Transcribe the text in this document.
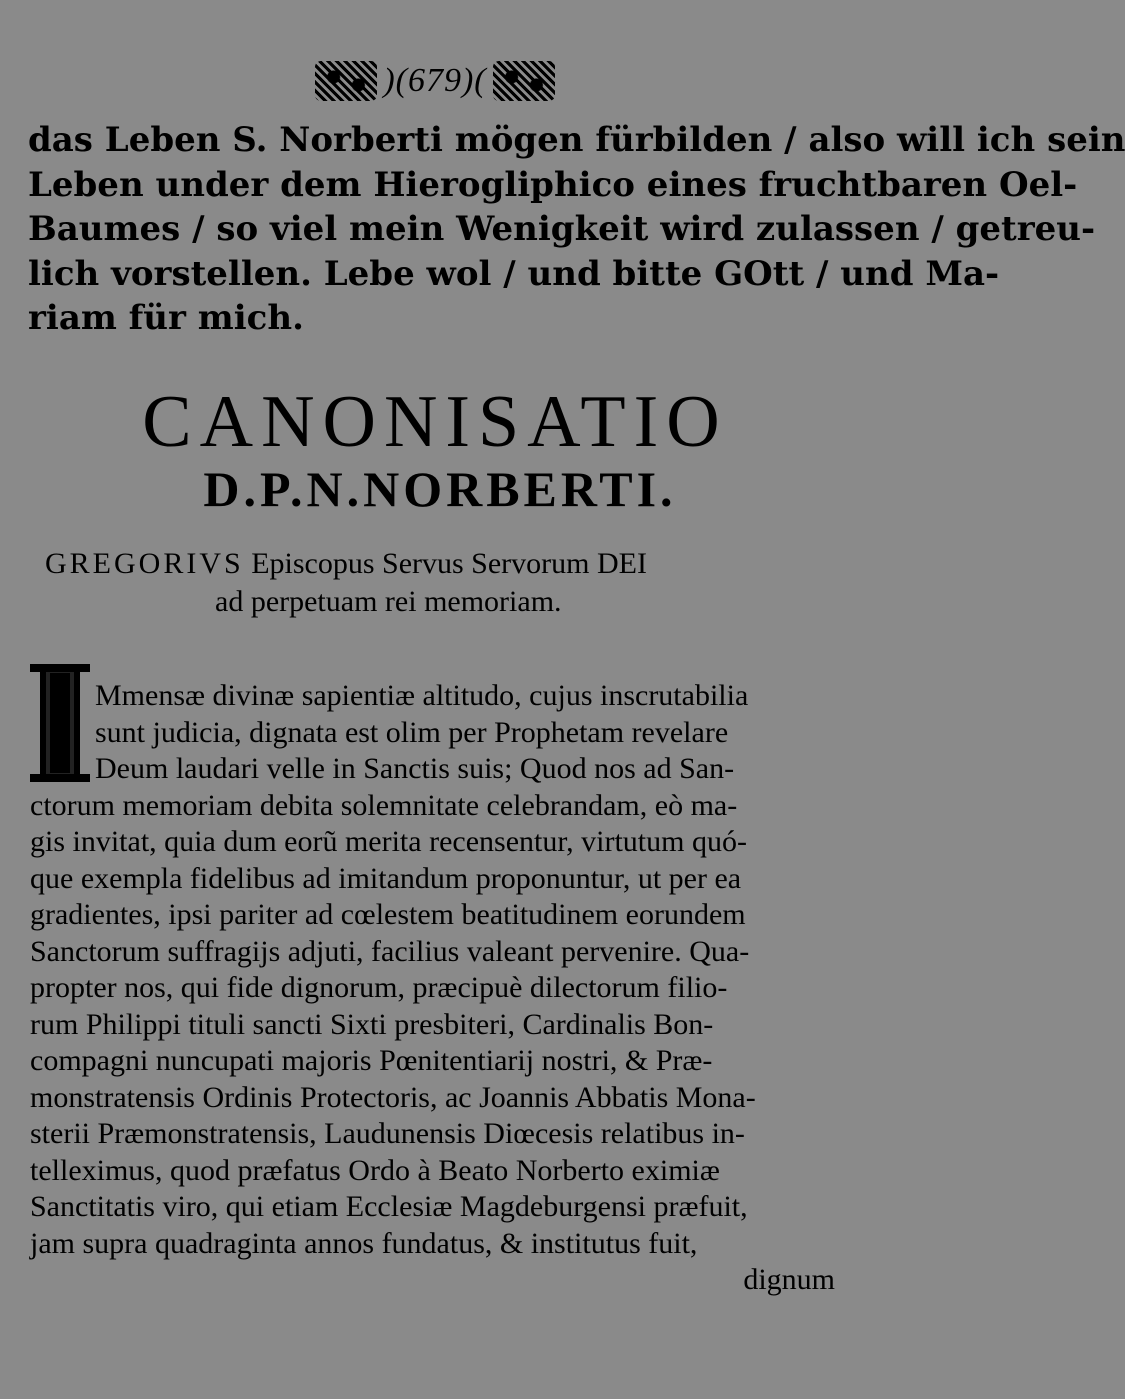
)(679)(
das Leben S. Norberti mögen fürbilden / also will ich sein
Leben under dem Hierogliphico eines fruchtbaren Oel-
Baumes / so viel mein Wenigkeit wird zulassen / getreu-
lich vorstellen. Lebe wol / und bitte GOtt / und Ma-
riam für mich.
CANONISATIO
D.P.N.NORBERTI.
GREGORIVS Episcopus Servus Servorum DEI
ad perpetuam rei memoriam.
Mmensæ divinæ sapientiæ altitudo, cujus inscrutabilia
sunt judicia, dignata est olim per Prophetam revelare
Deum laudari velle in Sanctis suis; Quod nos ad San-
ctorum memoriam debita solemnitate celebrandam, eò ma-
gis invitat, quia dum eorũ merita recensentur, virtutum quó-
que exempla fidelibus ad imitandum proponuntur, ut per ea
gradientes, ipsi pariter ad cœlestem beatitudinem eorundem
Sanctorum suffragijs adjuti, facilius valeant pervenire. Qua-
propter nos, qui fide dignorum, præcipuè dilectorum filio-
rum Philippi tituli sancti Sixti presbiteri, Cardinalis Bon-
compagni nuncupati majoris Pœnitentiarij nostri, & Præ-
monstratensis Ordinis Protectoris, ac Joannis Abbatis Mona-
sterii Præmonstratensis, Laudunensis Diœcesis relatibus in-
telleximus, quod præfatus Ordo à Beato Norberto eximiæ
Sanctitatis viro, qui etiam Ecclesiæ Magdeburgensi præfuit,
jam supra quadraginta annos fundatus, & institutus fuit,
dignum
